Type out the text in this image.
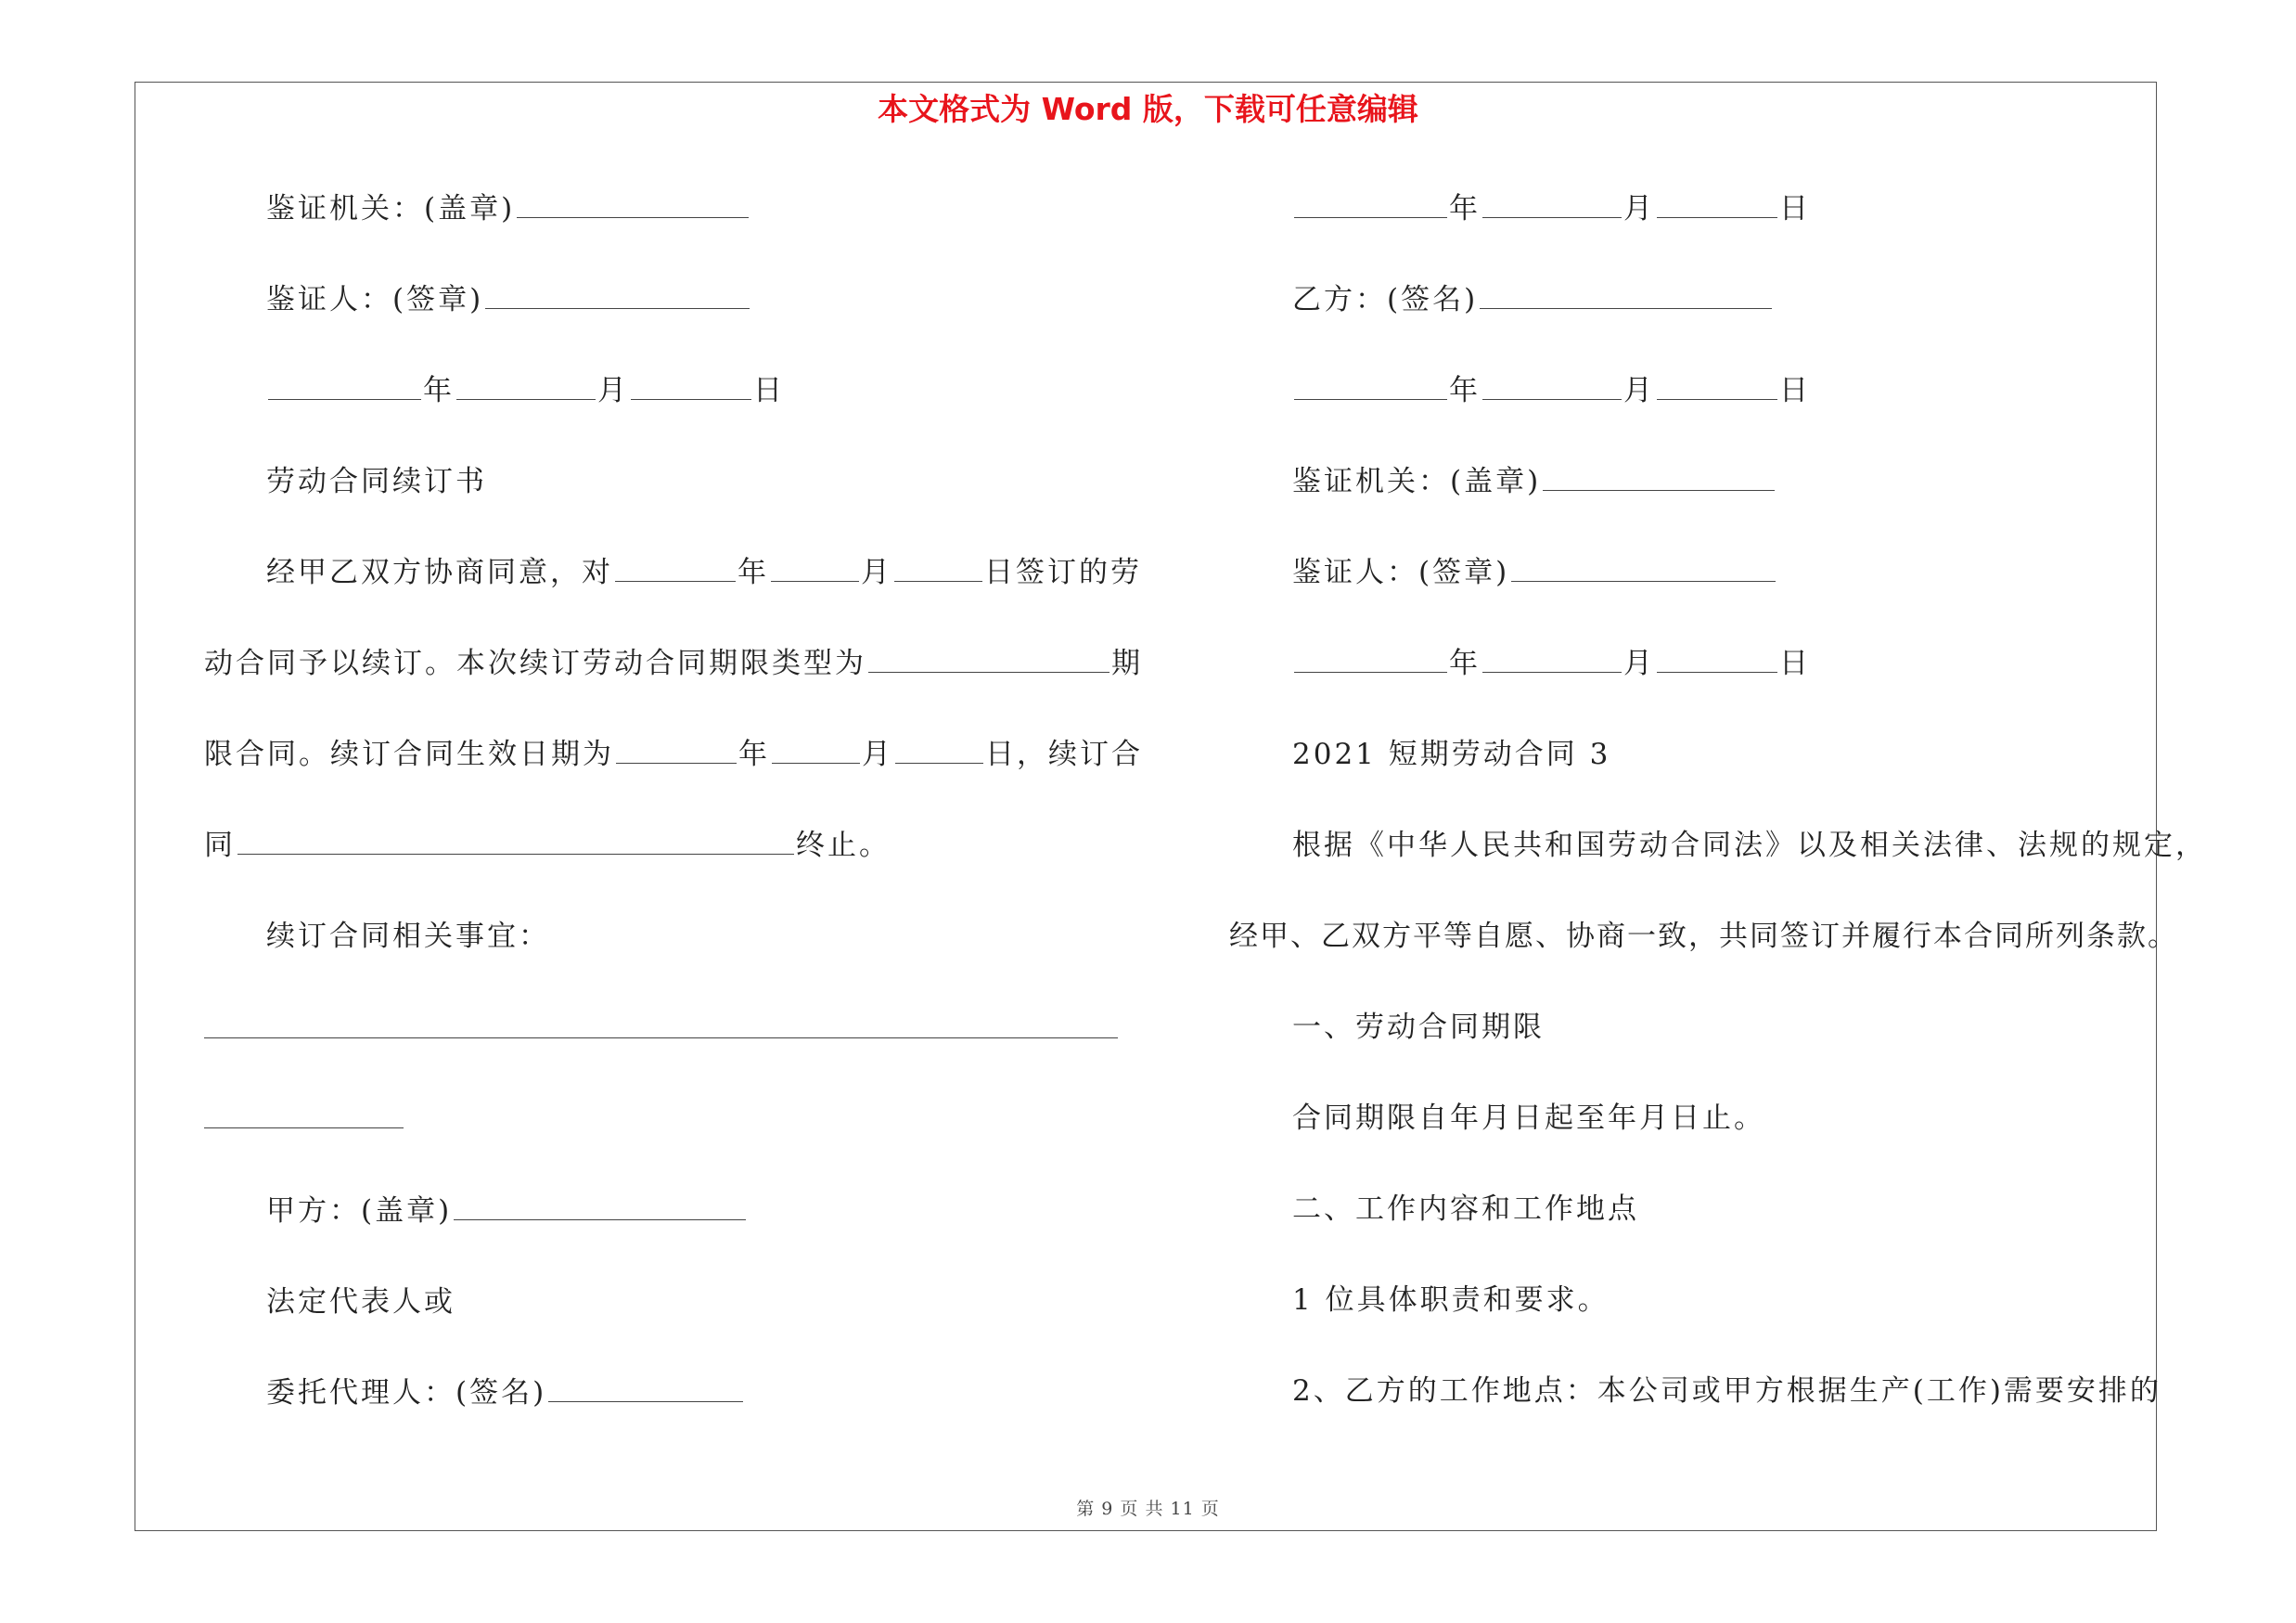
本文格式为 Word 版，下载可任意编辑
鉴证机关：(盖章)
鉴证人：(签章)
年	月	日
劳动合同续订书
经甲乙双方协商同意，对	年	月	日签订的劳
动合同予以续订。本次续订劳动合同期限类型为	期
限合同。续订合同生效日期为	年	月	日，续订合
同	终止。
续订合同相关事宜：
甲方：(盖章)
法定代表人或
委托代理人：(签名)
年	月	日
乙方：(签名)
年	月	日
鉴证机关：(盖章)
鉴证人：(签章)
年	月	日
2021 短期劳动合同 3
根据《中华人民共和国劳动合同法》以及相关法律、法规的规定，
经甲、乙双方平等自愿、协商一致，共同签订并履行本合同所列条款。
一、劳动合同期限
合同期限自年月日起至年月日止。
二、工作内容和工作地点
1 位具体职责和要求。
2、乙方的工作地点：本公司或甲方根据生产(工作)需要安排的
第 9 页 共 11 页
